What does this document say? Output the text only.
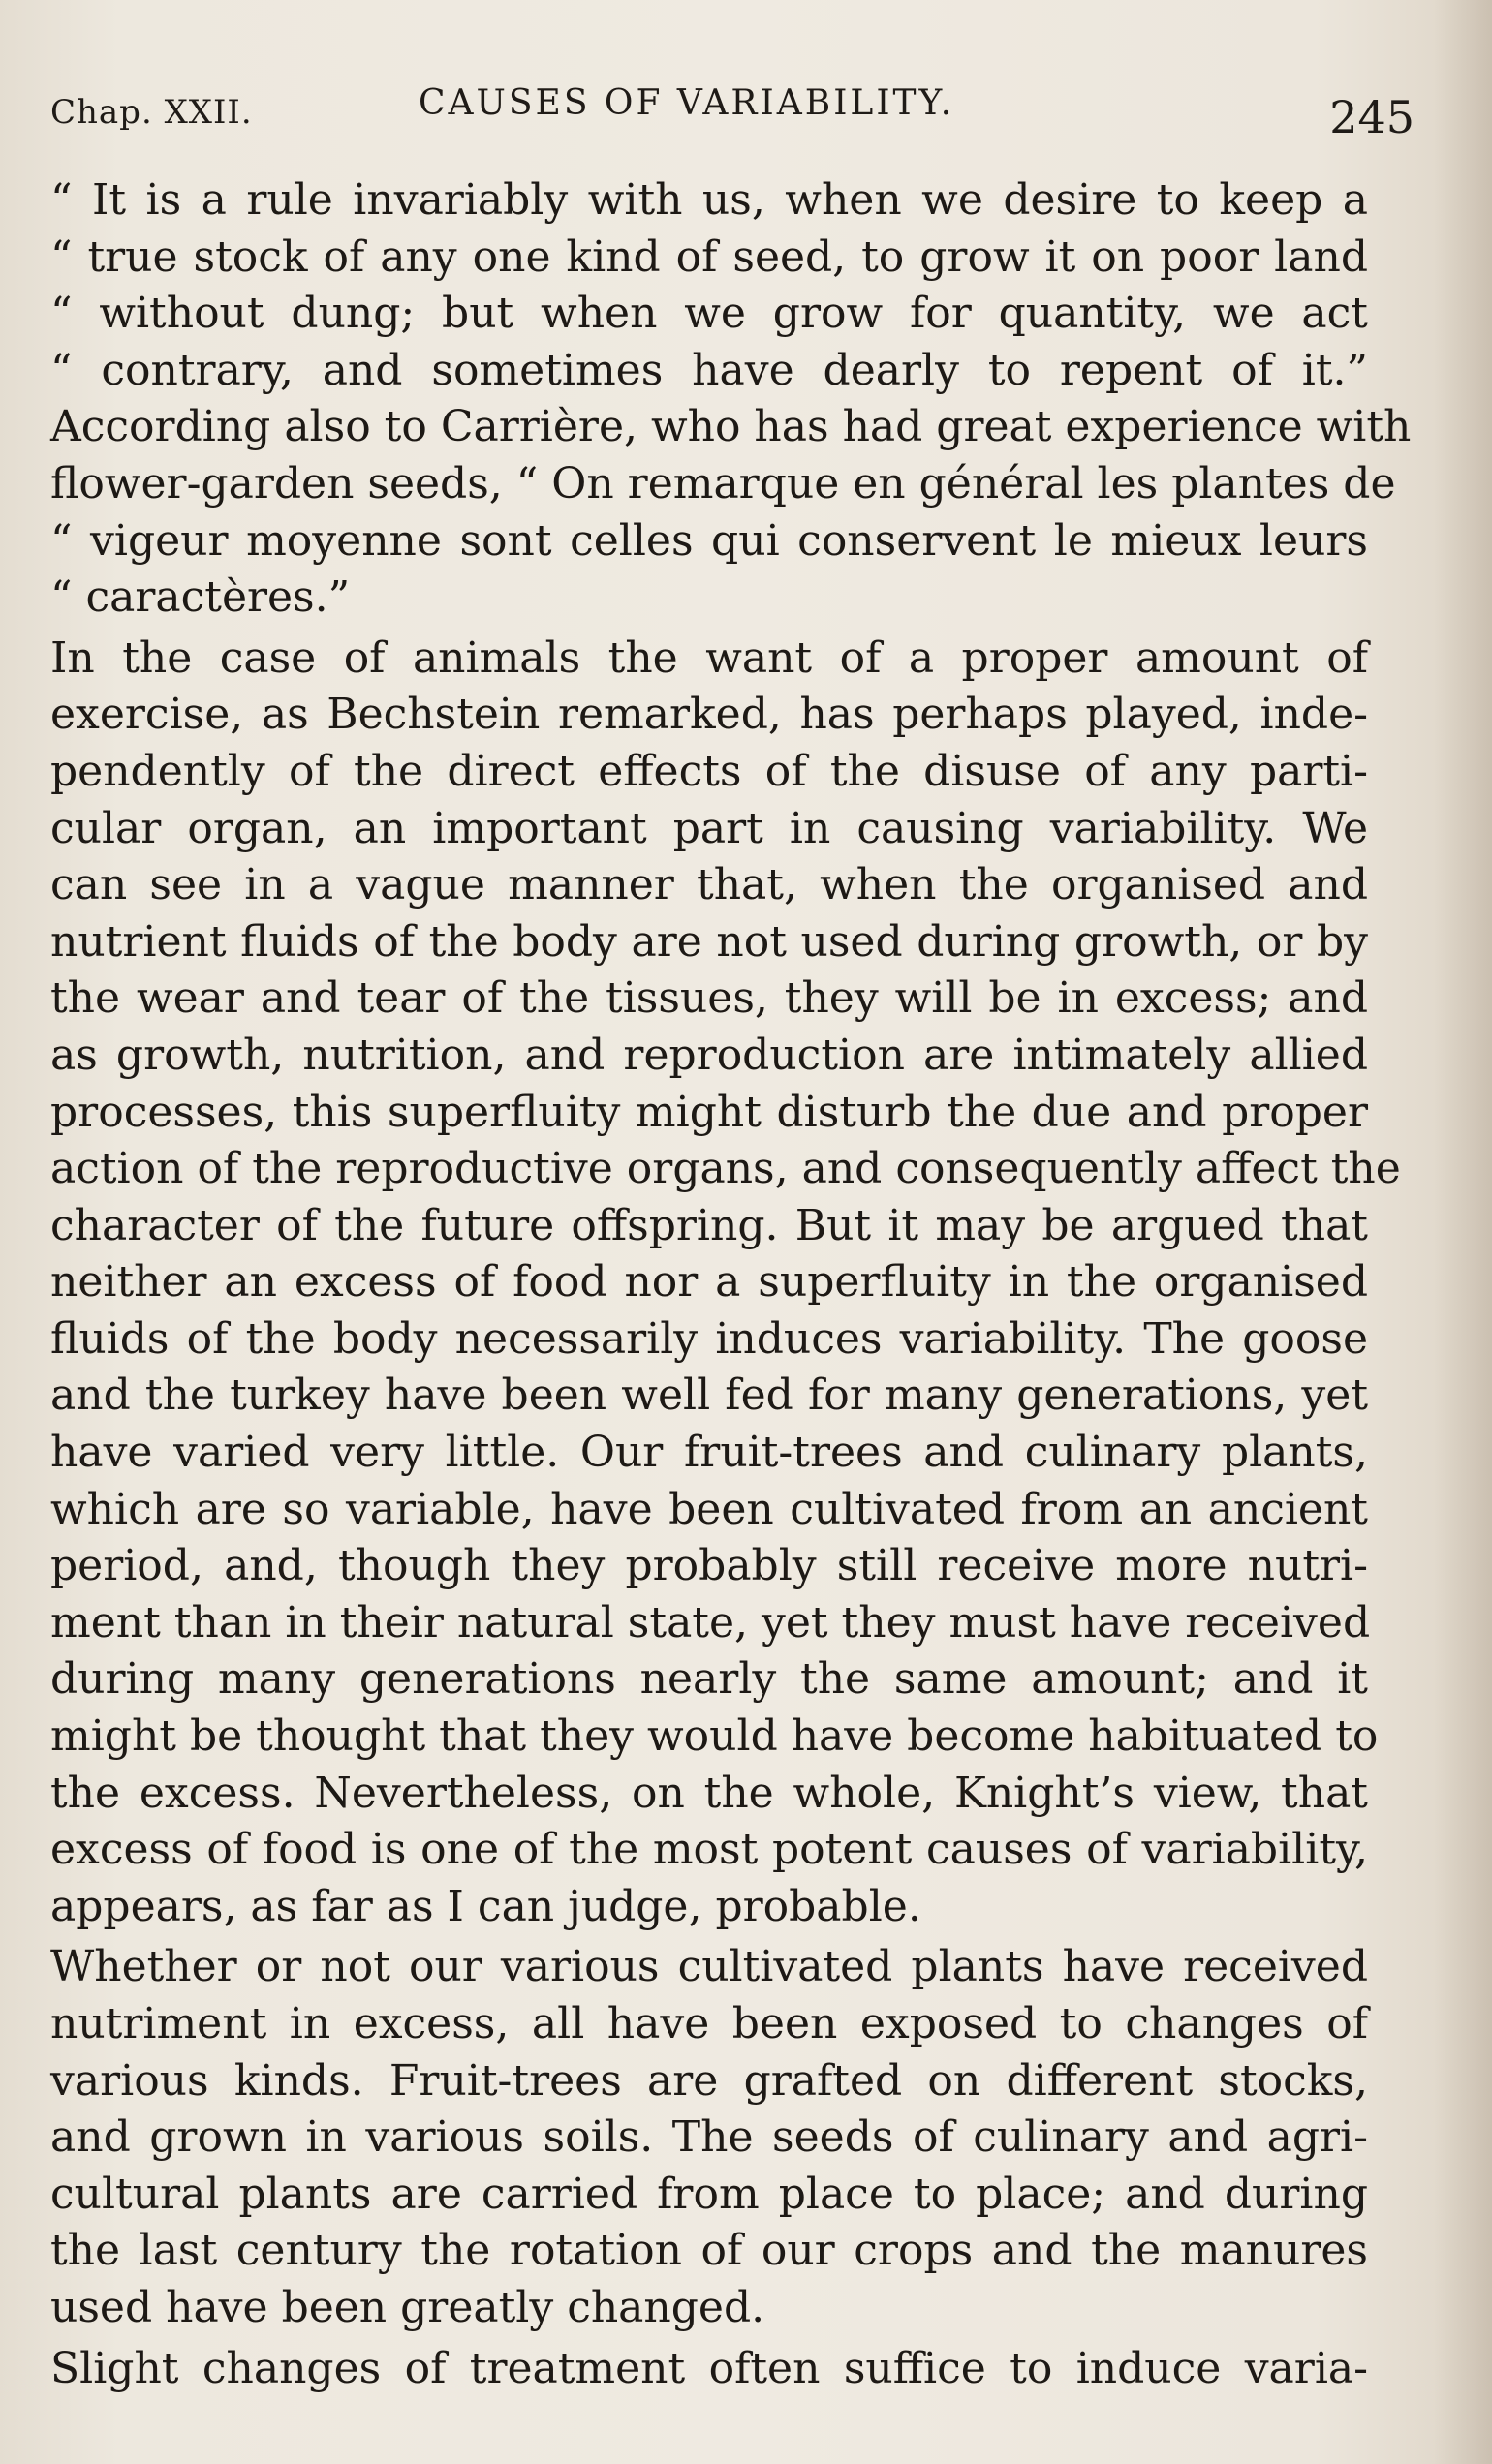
Chap. XXII.	CAUSES OF VARIABILITY.	245
“ It is a rule invariably with us, when we desire to keep a
“ true stock of any one kind of seed, to grow it on poor land
“ without dung; but when we grow for quantity, we act
“ contrary, and sometimes have dearly to repent of it.”
According also to Carrière, who has had great experience with
flower-garden seeds, “ On remarque en général les plantes de
“ vigeur moyenne sont celles qui conservent le mieux leurs
“ caractères.”
In the case of animals the want of a proper amount of
exercise, as Bechstein remarked, has perhaps played, inde-
pendently of the direct effects of the disuse of any parti-
cular organ, an important part in causing variability. We
can see in a vague manner that, when the organised and
nutrient fluids of the body are not used during growth, or by
the wear and tear of the tissues, they will be in excess; and
as growth, nutrition, and reproduction are intimately allied
processes, this superfluity might disturb the due and proper
action of the reproductive organs, and consequently affect the
character of the future offspring. But it may be argued that
neither an excess of food nor a superfluity in the organised
fluids of the body necessarily induces variability. The goose
and the turkey have been well fed for many generations, yet
have varied very little. Our fruit-trees and culinary plants,
which are so variable, have been cultivated from an ancient
period, and, though they probably still receive more nutri-
ment than in their natural state, yet they must have received
during many generations nearly the same amount; and it
might be thought that they would have become habituated to
the excess. Nevertheless, on the whole, Knight’s view, that
excess of food is one of the most potent causes of variability,
appears, as far as I can judge, probable.
Whether or not our various cultivated plants have received
nutriment in excess, all have been exposed to changes of
various kinds. Fruit-trees are grafted on different stocks,
and grown in various soils. The seeds of culinary and agri-
cultural plants are carried from place to place; and during
the last century the rotation of our crops and the manures
used have been greatly changed.
Slight changes of treatment often suffice to induce varia-
